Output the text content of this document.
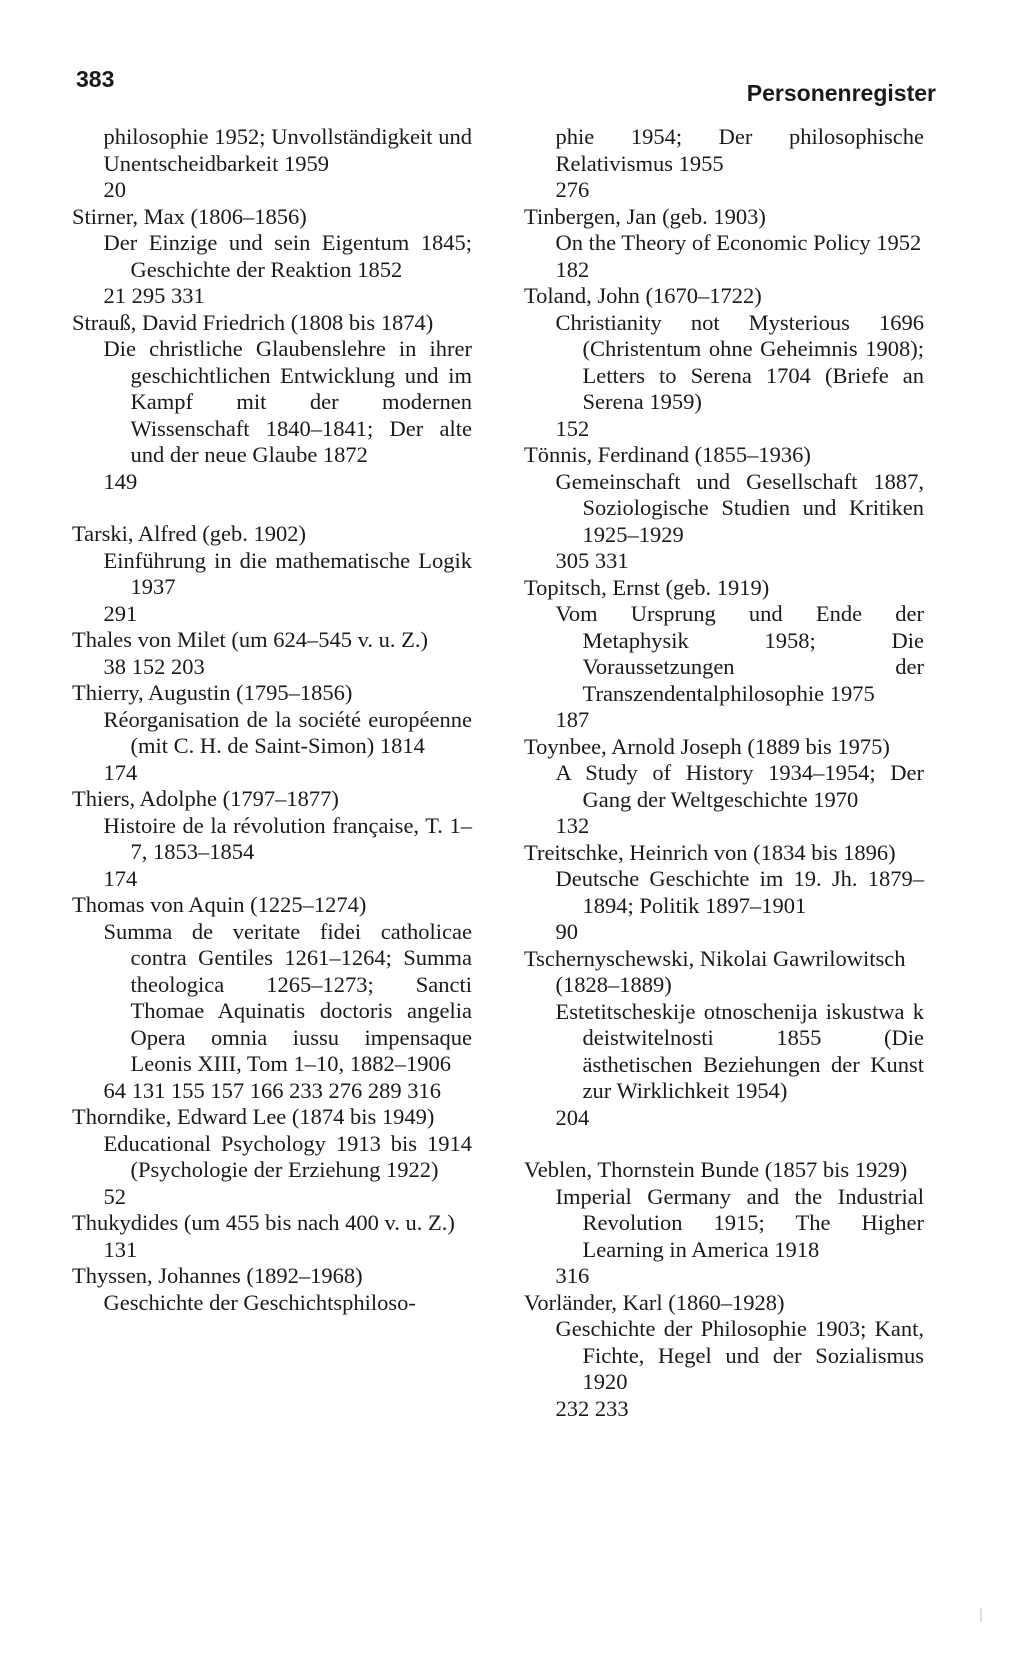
383
Personenregister
philosophie 1952; Unvollständigkeit und Unentscheidbarkeit 1959
20
Stirner, Max (1806–1856)
Der Einzige und sein Eigentum 1845; Geschichte der Reaktion 1852
21 295 331
Strauß, David Friedrich (1808 bis 1874)
Die christliche Glaubenslehre in ihrer geschichtlichen Entwicklung und im Kampf mit der modernen Wissenschaft 1840–1841; Der alte und der neue Glaube 1872
149
Tarski, Alfred (geb. 1902)
Einführung in die mathematische Logik 1937
291
Thales von Milet (um 624–545 v. u. Z.)
38 152 203
Thierry, Augustin (1795–1856)
Réorganisation de la société européenne (mit C. H. de Saint-Simon) 1814
174
Thiers, Adolphe (1797–1877)
Histoire de la révolution française, T. 1–7, 1853–1854
174
Thomas von Aquin (1225–1274)
Summa de veritate fidei catholicae contra Gentiles 1261–1264; Summa theologica 1265–1273; Sancti Thomae Aquinatis doctoris angelia Opera omnia iussu impensaque Leonis XIII, Tom 1–10, 1882–1906
64 131 155 157 166 233 276 289 316
Thorndike, Edward Lee (1874 bis 1949)
Educational Psychology 1913 bis 1914 (Psychologie der Erziehung 1922)
52
Thukydides (um 455 bis nach 400 v. u. Z.)
131
Thyssen, Johannes (1892–1968)
Geschichte der Geschichtsphiloso-
phie 1954; Der philosophische Relativismus 1955
276
Tinbergen, Jan (geb. 1903)
On the Theory of Economic Policy 1952
182
Toland, John (1670–1722)
Christianity not Mysterious 1696 (Christentum ohne Geheimnis 1908); Letters to Serena 1704 (Briefe an Serena 1959)
152
Tönnis, Ferdinand (1855–1936)
Gemeinschaft und Gesellschaft 1887, Soziologische Studien und Kritiken 1925–1929
305 331
Topitsch, Ernst (geb. 1919)
Vom Ursprung und Ende der Metaphysik 1958; Die Voraussetzungen der Transzendentalphilosophie 1975
187
Toynbee, Arnold Joseph (1889 bis 1975)
A Study of History 1934–1954; Der Gang der Weltgeschichte 1970
132
Treitschke, Heinrich von (1834 bis 1896)
Deutsche Geschichte im 19. Jh. 1879–1894; Politik 1897–1901
90
Tschernyschewski, Nikolai Gawrilowitsch (1828–1889)
Estetitscheskije otnoschenija iskustwa k deistwitelnosti 1855 (Die ästhetischen Beziehungen der Kunst zur Wirklichkeit 1954)
204
Veblen, Thornstein Bunde (1857 bis 1929)
Imperial Germany and the Industrial Revolution 1915; The Higher Learning in America 1918
316
Vorländer, Karl (1860–1928)
Geschichte der Philosophie 1903; Kant, Fichte, Hegel und der Sozialismus 1920
232 233
